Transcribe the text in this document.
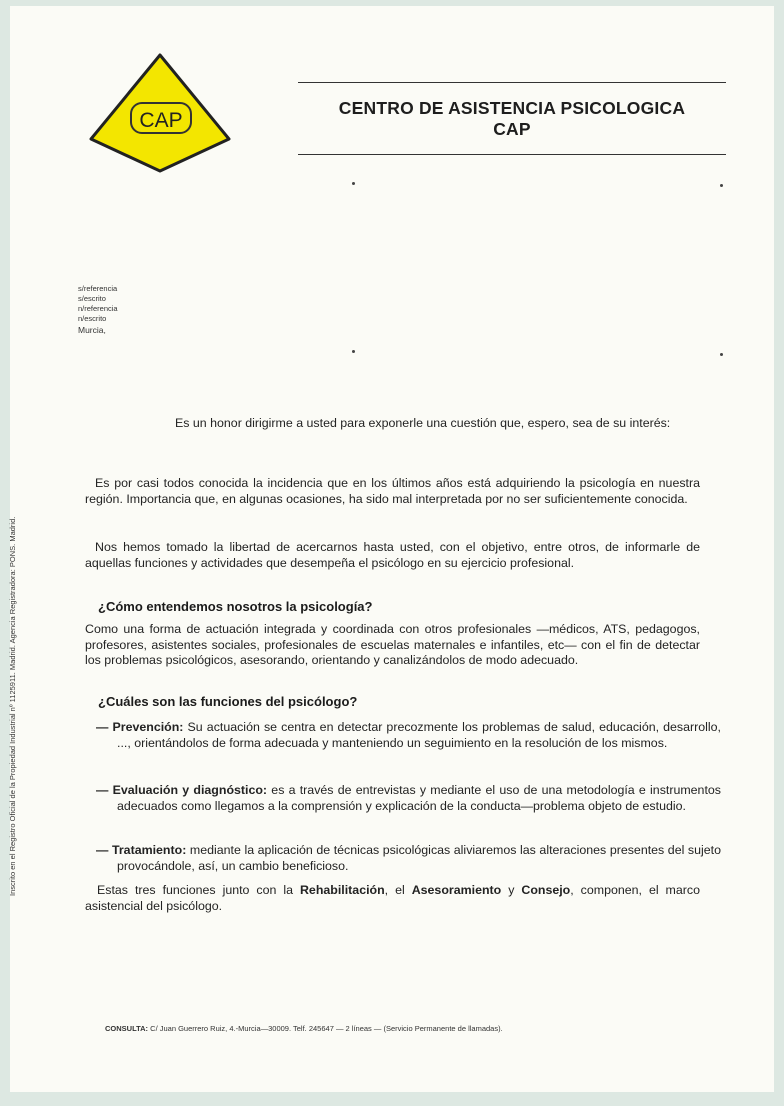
CAP
CENTRO DE ASISTENCIA PSICOLOGICA
CAP
s/referencia
s/escrito
n/referencia
n/escrito
Murcia,
Inscrito en el Registro Oficial de la Propiedad Industrial nº 1125911. Madrid. Agencia Registradora: PONS. Madrid.
Es un honor dirigirme a usted para exponerle una cuestión que, espero, sea de su interés:
Es por casi todos conocida la incidencia que en los últimos años está adquiriendo la psicología en nuestra región. Importancia que, en algunas ocasiones, ha sido mal interpretada por no ser suficientemente conocida.
Nos hemos tomado la libertad de acercarnos hasta usted, con el objetivo, entre otros, de informarle de aquellas funciones y actividades que desempeña el psicólogo en su ejercicio profesional.
¿Cómo entendemos nosotros la psicología?
Como una forma de actuación integrada y coordinada con otros profesionales —médicos, ATS, pedagogos, profesores, asistentes sociales, profesionales de escuelas maternales e infantiles, etc— con el fin de detectar los problemas psicológicos, asesorando, orientando y canalizándolos de modo adecuado.
¿Cuáles son las funciones del psicólogo?
— Prevención: Su actuación se centra en detectar precozmente los problemas de salud, educación, desarrollo, ..., orientándolos de forma adecuada y manteniendo un seguimiento en la resolución de los mismos.
— Evaluación y diagnóstico: es a través de entrevistas y mediante el uso de una metodología e instrumentos adecuados como llegamos a la comprensión y explicación de la conducta—problema objeto de estudio.
— Tratamiento: mediante la aplicación de técnicas psicológicas aliviaremos las alteraciones presentes del sujeto provocándole, así, un cambio beneficioso.
Estas tres funciones junto con la Rehabilitación, el Asesoramiento y Consejo, componen, el marco asistencial del psicólogo.
CONSULTA: C/ Juan Guerrero Ruiz, 4.-Murcia—30009. Telf. 245647 — 2 líneas — (Servicio Permanente de llamadas).
